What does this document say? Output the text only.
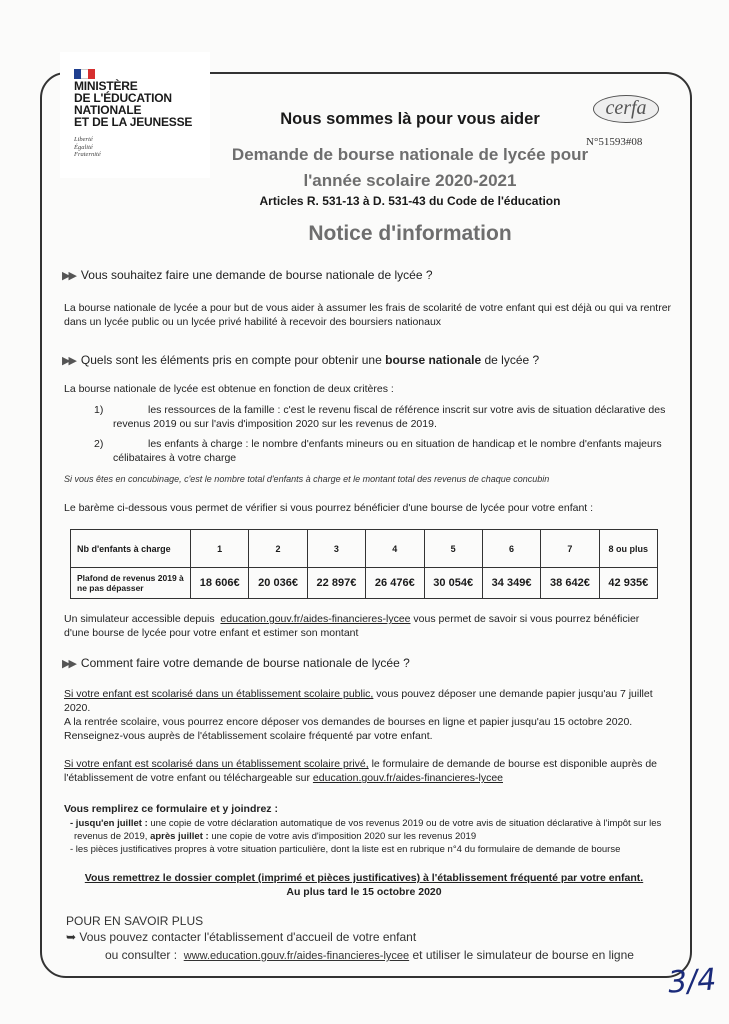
MINISTÈRE
DE L'ÉDUCATION
NATIONALE
ET DE LA JEUNESSE
Liberté
Égalité
Fraternité
cerfa
N°51593#08
Nous sommes là pour vous aider
Demande de bourse nationale de lycée pour
l'année scolaire 2020-2021
Articles R. 531-13 à D. 531-43 du Code de l'éducation
Notice d'information
▶▶ Vous souhaitez faire une demande de bourse nationale de lycée ?
La bourse nationale de lycée a pour but de vous aider à assumer les frais de scolarité de votre enfant qui est déjà ou qui va rentrer
dans un lycée public ou un lycée privé habilité à recevoir des boursiers nationaux
▶▶ Quels sont les éléments pris en compte pour obtenir une bourse nationale de lycée ?
La bourse nationale de lycée est obtenue en fonction de deux critères :
1)	les ressources de la famille : c'est le revenu fiscal de référence inscrit sur votre avis de situation déclarative des
revenus 2019 ou sur l'avis d'imposition 2020 sur les revenus de 2019.
2)	les enfants à charge : le nombre d'enfants mineurs ou en situation de handicap et le nombre d'enfants majeurs
célibataires à votre charge
Si vous êtes en concubinage, c'est le nombre total d'enfants à charge et le montant total des revenus de chaque concubin
Le barème ci-dessous vous permet de vérifier si vous pourrez bénéficier d'une bourse de lycée pour votre enfant :
Nb d'enfants à charge	1	2	3	4	5	6	7	8 ou plus
Plafond de revenus 2019 à ne pas dépasser	18 606€	20 036€	22 897€	26 476€	30 054€	34 349€	38 642€	42 935€
Un simulateur accessible depuis education.gouv.fr/aides-financieres-lycee vous permet de savoir si vous pourrez bénéficier
d'une bourse de lycée pour votre enfant et estimer son montant
▶▶ Comment faire votre demande de bourse nationale de lycée ?
Si votre enfant est scolarisé dans un établissement scolaire public, vous pouvez déposer une demande papier jusqu'au 7 juillet
2020.
A la rentrée scolaire, vous pourrez encore déposer vos demandes de bourses en ligne et papier jusqu'au 15 octobre 2020.
Renseignez-vous auprès de l'établissement scolaire fréquenté par votre enfant.
Si votre enfant est scolarisé dans un établissement scolaire privé, le formulaire de demande de bourse est disponible auprès de
l'établissement de votre enfant ou téléchargeable sur education.gouv.fr/aides-financieres-lycee
Vous remplirez ce formulaire et y joindrez :
- jusqu'en juillet : une copie de votre déclaration automatique de vos revenus 2019 ou de votre avis de situation déclarative à l'impôt sur les
revenus de 2019, après juillet : une copie de votre avis d'imposition 2020 sur les revenus 2019
- les pièces justificatives propres à votre situation particulière, dont la liste est en rubrique n°4 du formulaire de demande de bourse
Vous remettrez le dossier complet (imprimé et pièces justificatives) à l'établissement fréquenté par votre enfant.
Au plus tard le 15 octobre 2020
POUR EN SAVOIR PLUS
➥ Vous pouvez contacter l'établissement d'accueil de votre enfant
ou consulter : www.education.gouv.fr/aides-financieres-lycee et utiliser le simulateur de bourse en ligne
3/4
